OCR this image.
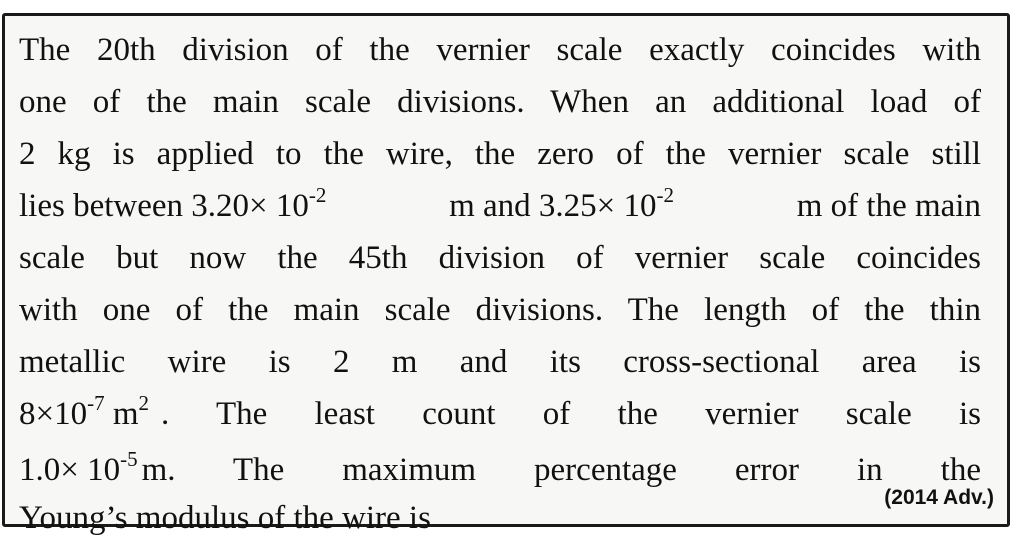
The 20th division of the vernier scale exactly coincides with
one of the main scale divisions. When an additional load of
2 kg is applied to the wire, the zero of the vernier scale still
lies between $3.20\times 10^{-2}$	m and $3.25\times 10^{-2}$	m of the main
scale but now the 45th division of vernier scale coincides
with one of the main scale divisions. The length of the thin
metallic wire is 2 m and its cross-sectional area is
$8\times 10^{-7}$ $m^2$ . The least count of the vernier scale is
$1.0\times 10^{-5}$ m. The maximum percentage error in the
Young’s modulus of the wire is
(2014 Adv.)
